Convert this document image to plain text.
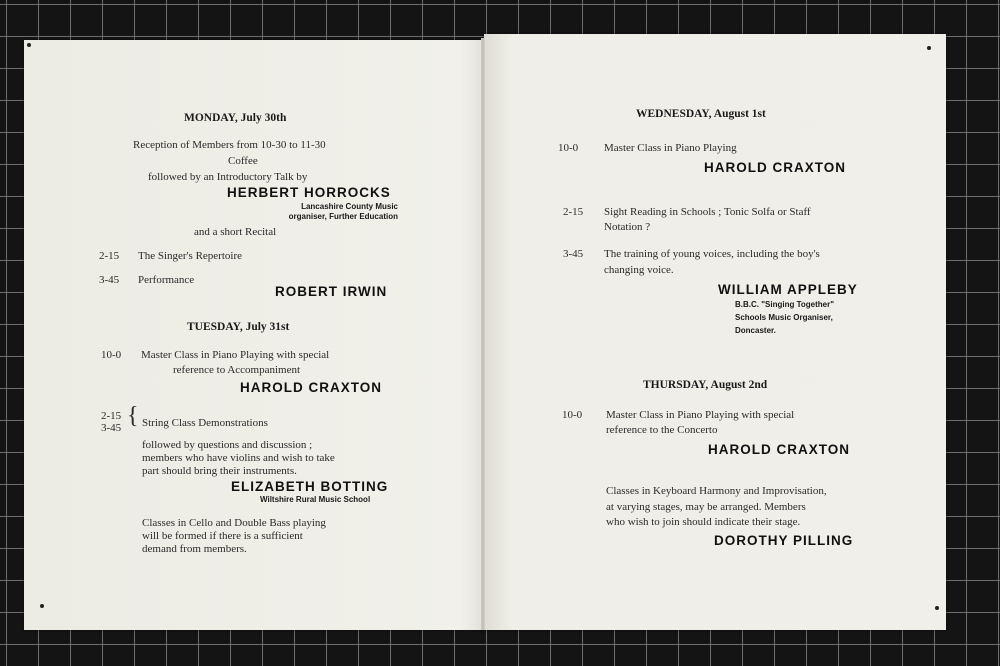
MONDAY, July 30th
Reception of Members from 10-30 to 11-30
Coffee
followed by an Introductory Talk by
HERBERT HORROCKS
Lancashire County Music
organiser, Further Education
and a short Recital
2-15 The Singer's Repertoire
3-45 Performance
ROBERT IRWIN
TUESDAY, July 31st
10-0 Master Class in Piano Playing with special
reference to Accompaniment
HAROLD CRAXTON
2-15
3-45 { String Class Demonstrations
followed by questions and discussion ;
members who have violins and wish to take
part should bring their instruments.
ELIZABETH BOTTING
Wiltshire Rural Music School
Classes in Cello and Double Bass playing
will be formed if there is a sufficient
demand from members.
WEDNESDAY, August 1st
10-0 Master Class in Piano Playing
HAROLD CRAXTON
2-15 Sight Reading in Schools ; Tonic Solfa or Staff
Notation ?
3-45 The training of young voices, including the boy's
changing voice.
WILLIAM APPLEBY
B.B.C. "Singing Together"
Schools Music Organiser,
Doncaster.
THURSDAY, August 2nd
10-0 Master Class in Piano Playing with special
reference to the Concerto
HAROLD CRAXTON
Classes in Keyboard Harmony and Improvisation,
at varying stages, may be arranged. Members
who wish to join should indicate their stage.
DOROTHY PILLING
